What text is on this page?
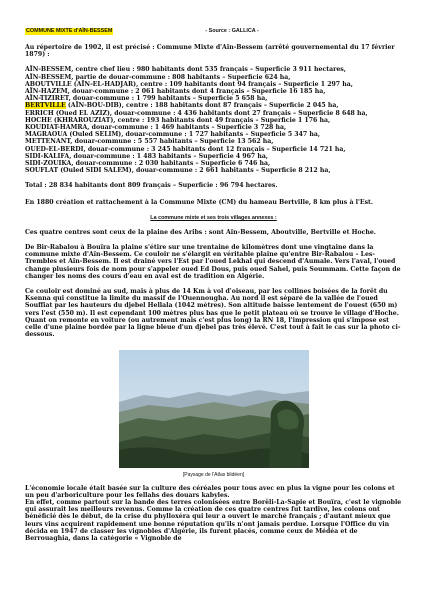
COMMUNE MIXTE d'AÏN-BESSEM	- Source : GALLICA -

Au répertoire de 1902, il est précisé : Commune Mixte d'Aïn-Bessem (arrêté gouvernemental du 17 février 1879) :

AÏN-BESSEM, centre chef lieu : 980 habitants dont 535 français – Superficie 3 911 hectares,
AÏN-BESSEM, partie de douar-commune : 808 habitants – Superficie 624 ha,
ABOUTVILLE (AÏN-EL-HADJAR), centre : 109 habitants dont 94 français – Superficie 1 297 ha,
AÏN-HAZEM, douar-commune : 2 061 habitants dont 4 français – Superficie 16 185 ha,
AÏN-TIZIRET, douar-commune : 1 799 habitants – Superficie 5 658 ha,
BERTVILLE (AÏN-BOU-DIB), centre : 188 habitants dont 87 français – Superficie 2 045 ha,
ERRICH (Oued EL AZIZ), douar-commune : 4 436 habitants dont 27 français – Superficie 8 648 ha,
HOCHE (KHRAROUZIAT), centre : 193 habitants dont 49 français – Superficie 1 176 ha,
KOUDIAT-HAMRA, douar-commune : 1 469 habitants – Superficie 3 728 ha,
MAGRAOUA (Ouled SELIM), douar-commune : 1 727 habitants – Superficie 5 347 ha,
METTENANT, douar-commune : 5 557 habitants – Superficie 13 562 ha,
OUED-EL-BERDI, douar-commune : 3 245 habitants dont 12 français – Superficie 14 721 ha,
SIDI-KALIFA, douar-commune : 1 483 habitants – Superficie 4 967 ha,
SIDI-ZOUIKA, douar-commune : 2 030 habitants – Superficie 6 746 ha,
SOUFLAT (Ouled SIDI SALEM), douar-commune : 2 661 habitants – Superficie 8 212 ha,

Total : 28 834 habitants dont 809 français – Superficie : 96 794 hectares.

En 1880 création et rattachement à la Commune Mixte (CM) du hameau Bertville, 8 km plus à l'Est.

La commune mixte et ses trois villages annexes :

Ces quatre centres sont ceux de la plaine des Aribs : sont Aïn-Bessem, Aboutville, Bertville et Hoche.

De Bir-Rabalou à Bouïra la plaine s'étire sur une trentaine de kilomètres dont une vingtaine dans la commune mixte d'Aïn-Bessem. Ce couloir ne s'élargit en véritable plaine qu'entre Bir-Rabalou – Les-Trembles et Aïn-Bessem. Il est drainé vers l'Est par l'oued Lekhal qui descend d'Aumale. Vers l'aval, l'oued change plusieurs fois de nom pour s'appeler oued Ed Dous, puis oued Sahel, puis Soummam. Cette façon de changer les noms des cours d'eau en aval est de tradition en Algérie.

Ce couloir est dominé au sud, mais à plus de 14 Km à vol d'oiseau, par les collines boisées de la forêt du Ksenna qui constitue la limite du massif de l'Ouennougha. Au nord il est séparé de la vallée de l'oued Souffiat par les hauteurs du djebel Hellala (1042 mètres). Son altitude baisse lentement de l'ouest (650 m) vers l'est (550 m). Il est cependant 100 mètres plus bas que le petit plateau où se trouve le village d'Hoche. Quant on remonte en voiture (ou autrement mais c'est plus long) la RN 18, l'impression qui s'impose est celle d'une plaine bordée par la ligne bleue d'un djebel pas très élevé. C'est tout à fait le cas sur la photo ci-dessous.

[Paysage de l'Atlas blidéen]

L'économie locale était basée sur la culture des céréales pour tous avec en plus la vigne pour les colons et un peu d'arboriculture pour les fellahs des douars kabyles.

En effet, comme partout sur la bande des terres colonisées entre Borëli-La-Sapie et Bouïra, c'est le vignoble qui assurait les meilleurs revenus. Comme la création de ces quatre centres fut tardive, les colons ont bénéficié dès le début, de la crise du phylloxéra qui leur a ouvert le marché français ; d'autant mieux que leurs vins acquirent rapidement une bonne réputation qu'ils n'ont jamais perdue. Lorsque l'Office du vin décida en 1947 de classer les vignobles d'Algérie, ils furent placés, comme ceux de Médéa et de Berrouaghia, dans la catégorie « Vignoble de
